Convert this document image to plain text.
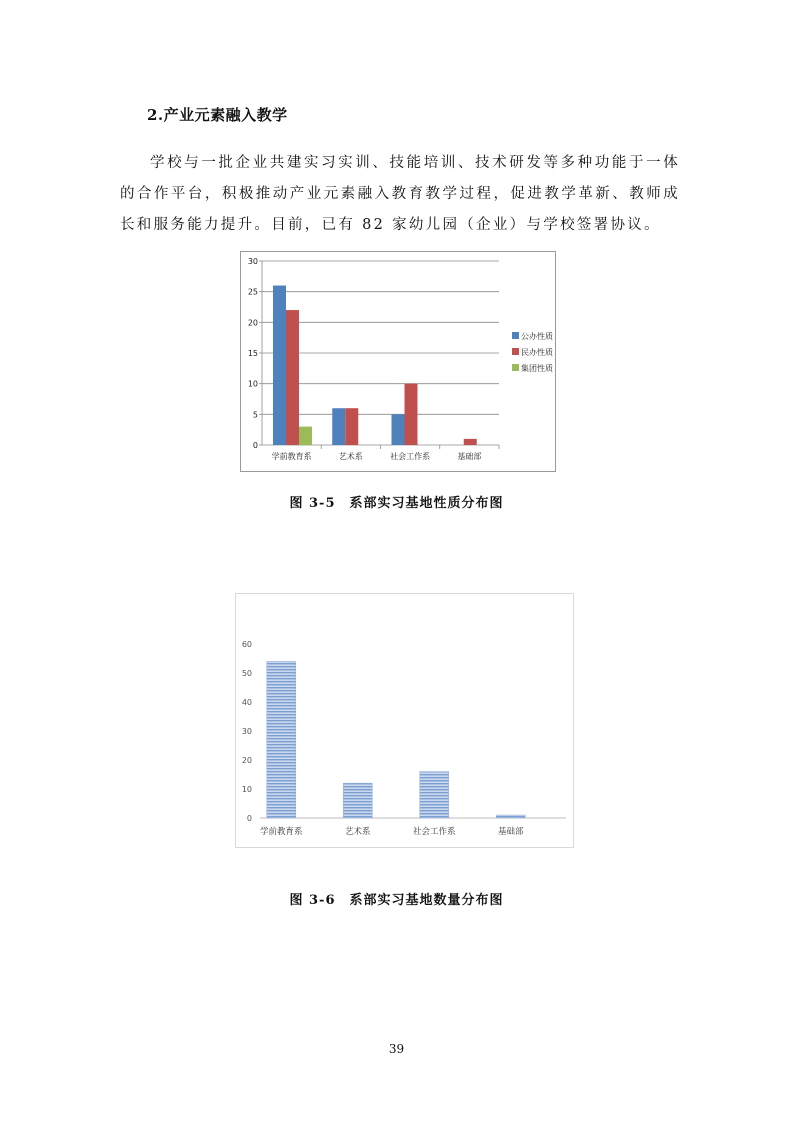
2.产业元素融入教学
学校与一批企业共建实习实训、技能培训、技术研发等多种功能于一体的合作平台，积极推动产业元素融入教育教学过程，促进教学革新、教师成长和服务能力提升。目前，已有 82 家幼儿园（企业）与学校签署协议。
0
5
10
15
20
25
30
学前教育系	艺术系	社会工作系	基础部
公办性质
民办性质
集团性质
图 3-5　系部实习基地性质分布图
0
10
20
30
40
50
60
学前教育系	艺术系	社会工作系	基础部
图 3-6　系部实习基地数量分布图
39
